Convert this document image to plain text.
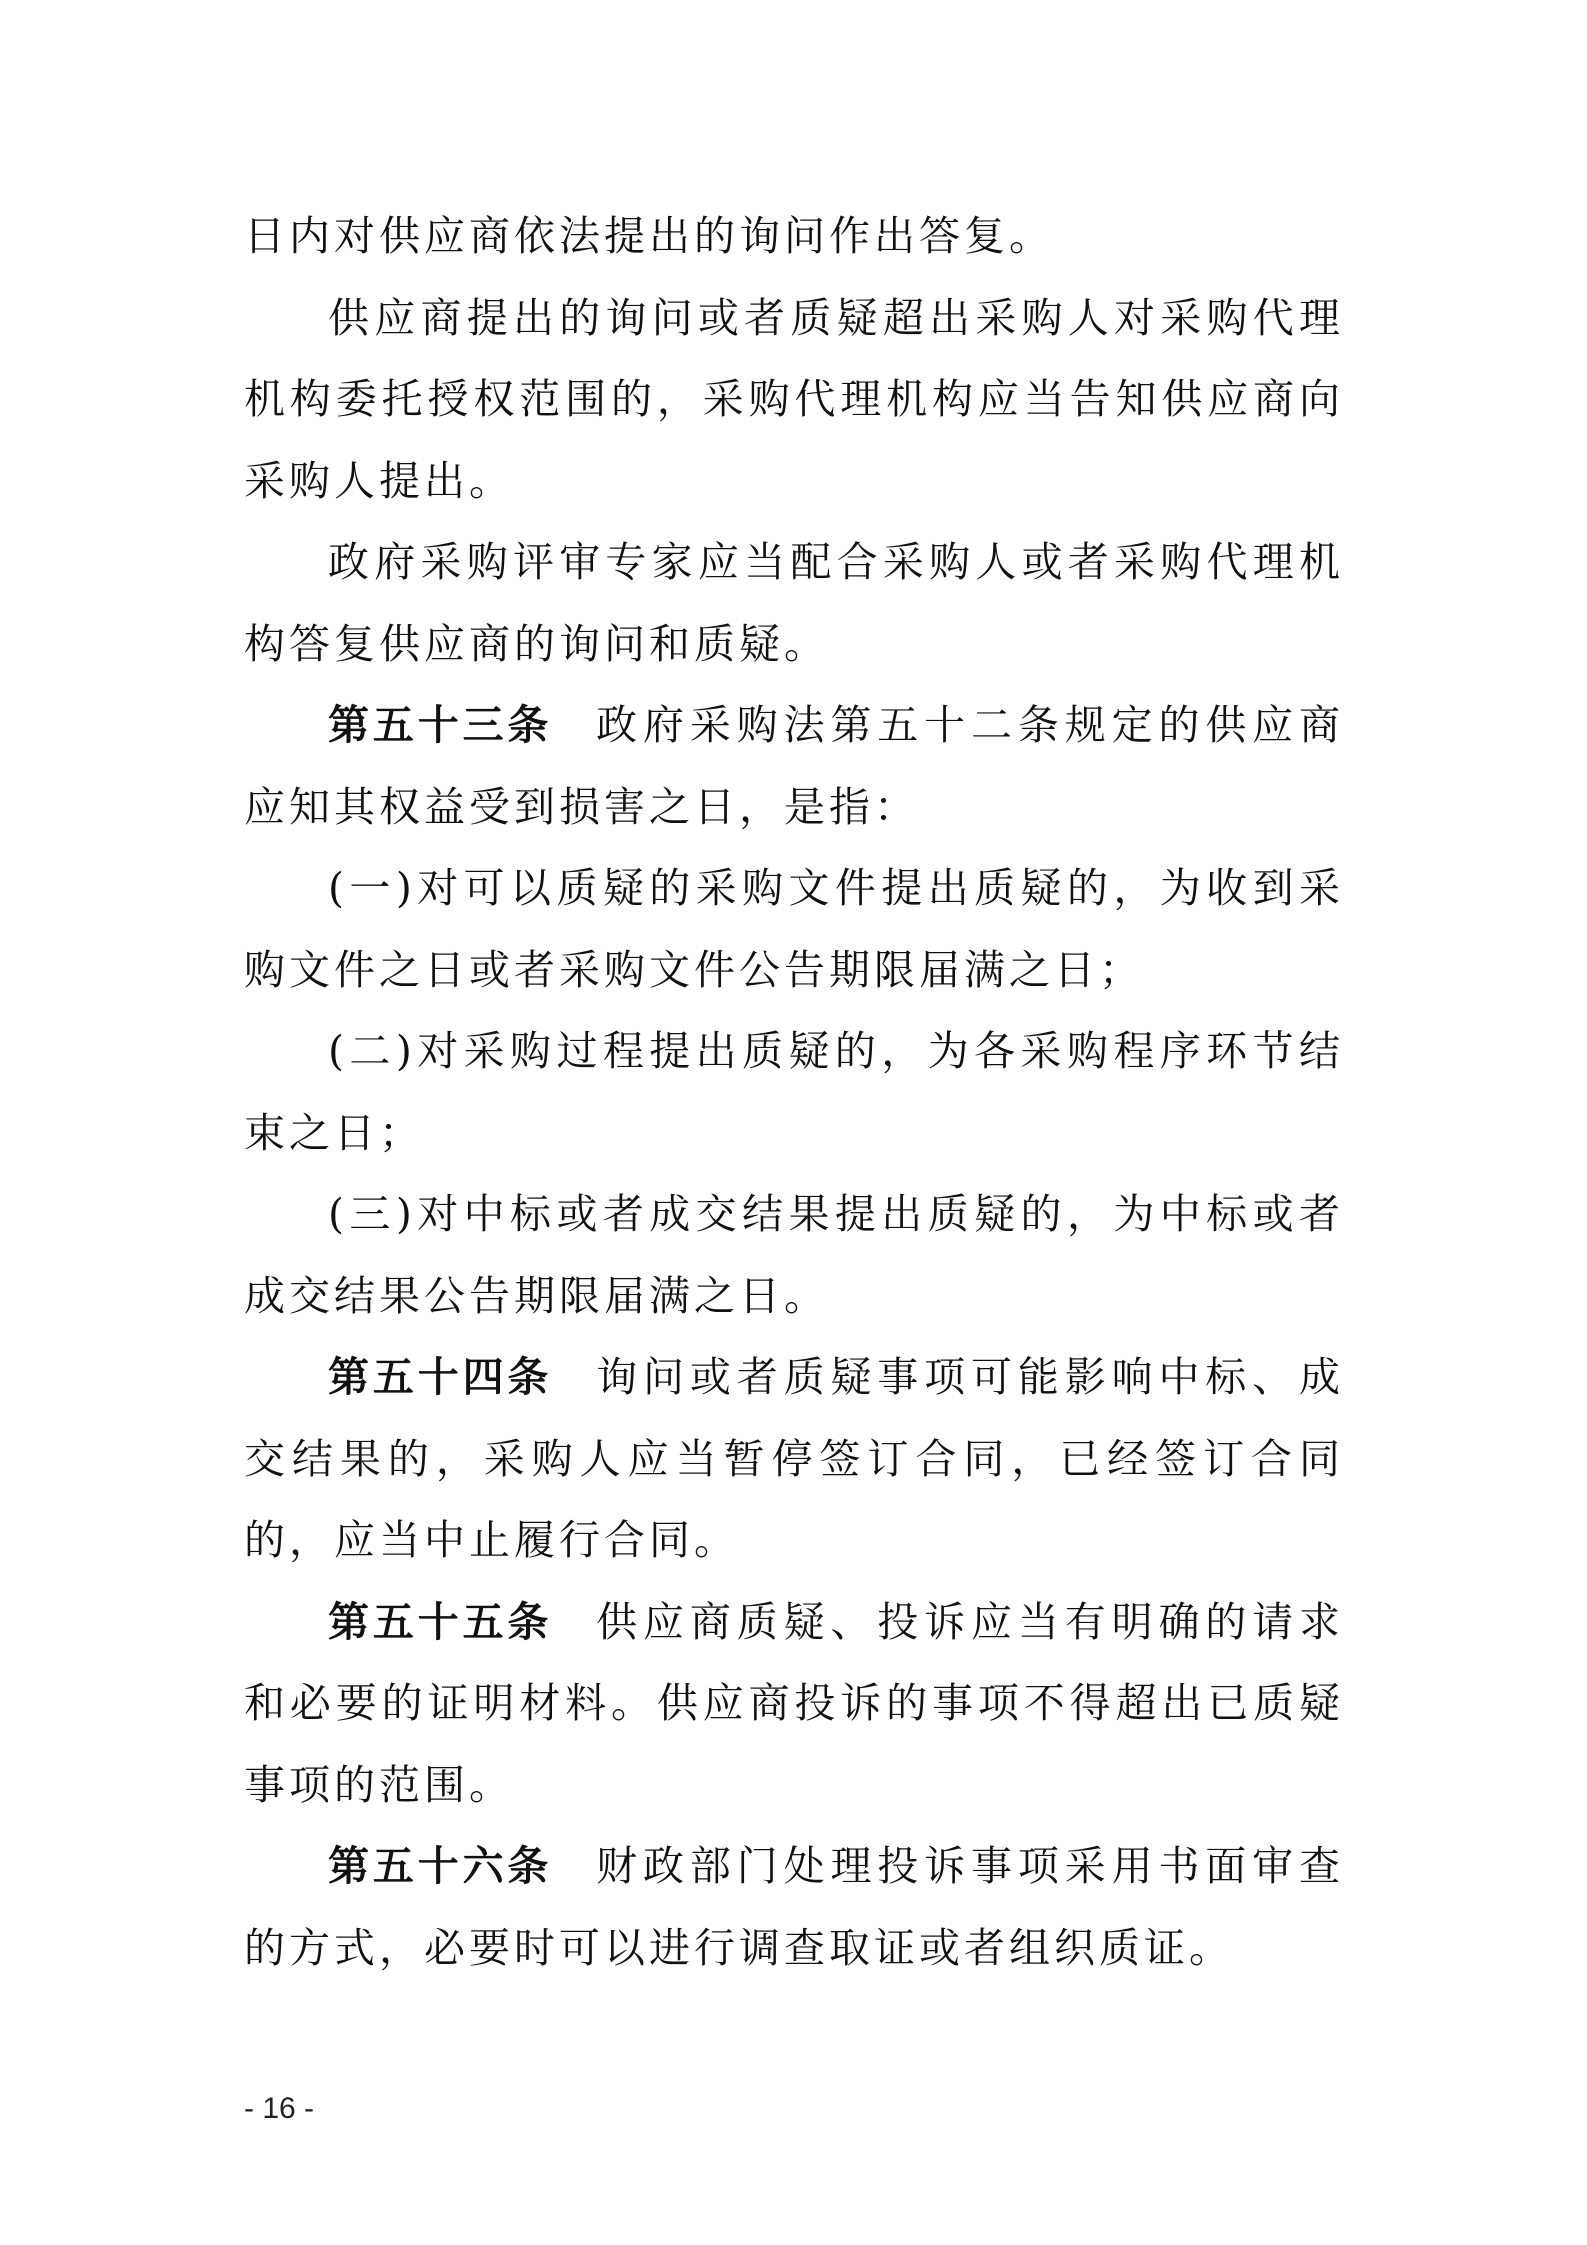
日内对供应商依法提出的询问作出答复。

供应商提出的询问或者质疑超出采购人对采购代理机构委托授权范围的，采购代理机构应当告知供应商向采购人提出。

政府采购评审专家应当配合采购人或者采购代理机构答复供应商的询问和质疑。

第五十三条 政府采购法第五十二条规定的供应商应知其权益受到损害之日，是指：

(一)对可以质疑的采购文件提出质疑的，为收到采购文件之日或者采购文件公告期限届满之日；

(二)对采购过程提出质疑的，为各采购程序环节结束之日；

(三)对中标或者成交结果提出质疑的，为中标或者成交结果公告期限届满之日。

第五十四条 询问或者质疑事项可能影响中标、成交结果的，采购人应当暂停签订合同，已经签订合同的，应当中止履行合同。

第五十五条 供应商质疑、投诉应当有明确的请求和必要的证明材料。供应商投诉的事项不得超出已质疑事项的范围。

第五十六条 财政部门处理投诉事项采用书面审查的方式，必要时可以进行调查取证或者组织质证。

- 16 -
